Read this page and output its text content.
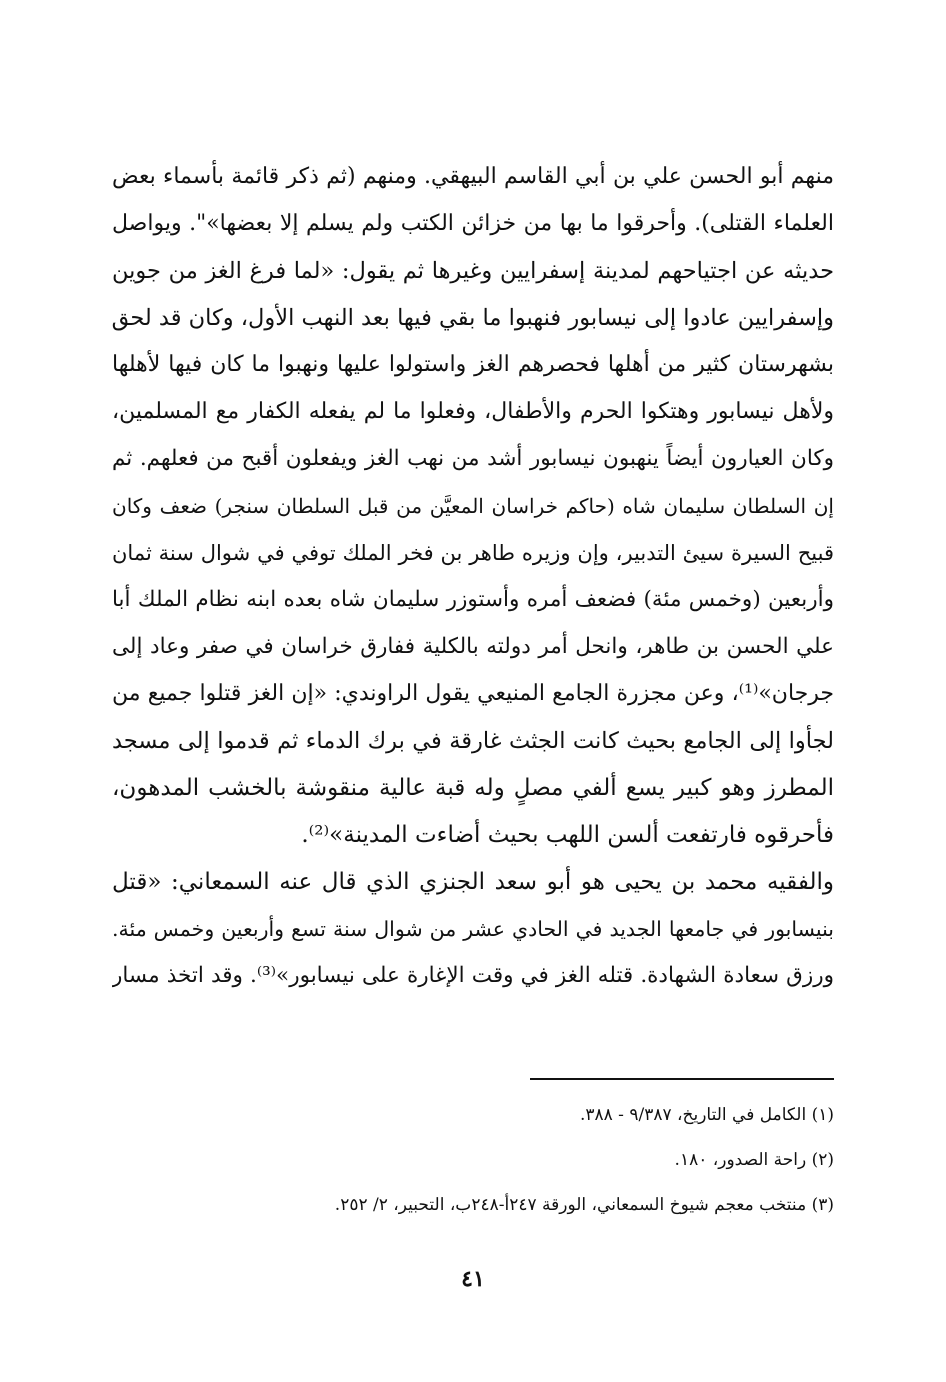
منهم أبو الحسن علي بن أبي القاسم البيهقي. ومنهم (ثم ذكر قائمة بأسماء بعض
العلماء القتلى). وأحرقوا ما بها من خزائن الكتب ولم يسلم إلا بعضها»". ويواصل
حديثه عن اجتياحهم لمدينة إسفرايين وغيرها ثم يقول: «لما فرغ الغز من جوين
وإسفرايين عادوا إلى نيسابور فنهبوا ما بقي فيها بعد النهب الأول، وكان قد لحق
بشهرستان كثير من أهلها فحصرهم الغز واستولوا عليها ونهبوا ما كان فيها لأهلها
ولأهل نيسابور وهتكوا الحرم والأطفال، وفعلوا ما لم يفعله الكفار مع المسلمين،
وكان العيارون أيضاً ينهبون نيسابور أشد من نهب الغز ويفعلون أقبح من فعلهم. ثم
إن السلطان سليمان شاه (حاكم خراسان المعيَّن من قبل السلطان سنجر) ضعف وكان
قبيح السيرة سيئ التدبير، وإن وزيره طاهر بن فخر الملك توفي في شوال سنة ثمان
وأربعين (وخمس مئة) فضعف أمره وأستوزر سليمان شاه بعده ابنه نظام الملك أبا
علي الحسن بن طاهر، وانحل أمر دولته بالكلية ففارق خراسان في صفر وعاد إلى
جرجان»⁽¹⁾، وعن مجزرة الجامع المنيعي يقول الراوندي: «إن الغز قتلوا جميع من
لجأوا إلى الجامع بحيث كانت الجثث غارقة في برك الدماء ثم قدموا إلى مسجد
المطرز وهو كبير يسع ألفي مصلٍ وله قبة عالية منقوشة بالخشب المدهون،
فأحرقوه فارتفعت ألسن اللهب بحيث أضاءت المدينة»⁽²⁾.
والفقيه محمد بن يحيى هو أبو سعد الجنزي الذي قال عنه السمعاني: «قتل
بنيسابور في جامعها الجديد في الحادي عشر من شوال سنة تسع وأربعين وخمس مئة.
ورزق سعادة الشهادة. قتله الغز في وقت الإغارة على نيسابور»⁽³⁾. وقد اتخذ مسار
(١) الكامل في التاريخ، ٩/٣٨٧ - ٣٨٨.
(٢) راحة الصدور، ١٨٠.
(٣) منتخب معجم شيوخ السمعاني، الورقة ٢٤٧أ-٢٤٨ب، التحبير، ٢/ ٢٥٢.
٤١
